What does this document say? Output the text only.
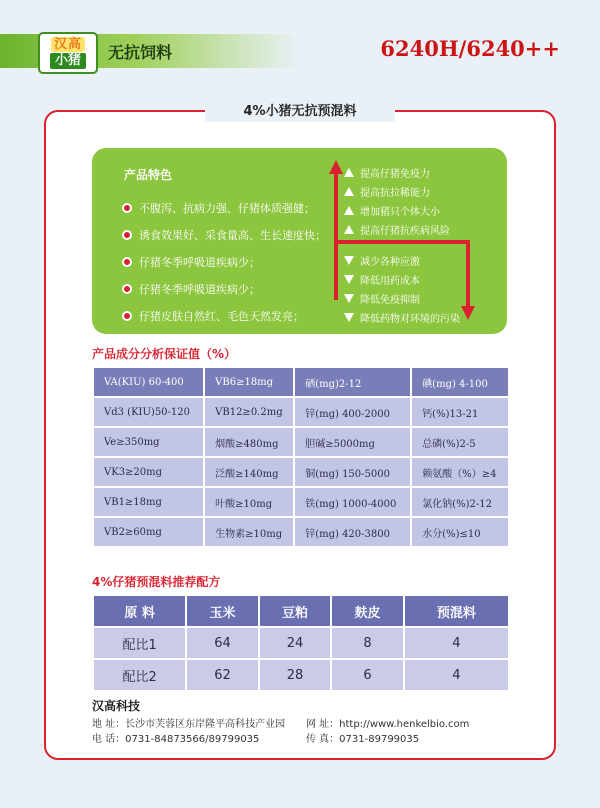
汉高
小猪	无抗饲料	6240H/6240++
4%小猪无抗预混料
产品特色
不腹泻、抗病力强、仔猪体质强健；
诱食效果好、采食量高、生长速度快；
仔猪冬季呼吸道疾病少；
仔猪冬季呼吸道疾病少；
仔猪皮肤自然红、毛色天然发亮；
提高仔猪免疫力
提高抗拉稀能力
增加猪只个体大小
提高仔猪抗疾病风险
减少各种应激
降低用药成本
降低免疫抑制
降低药物对环境的污染
产品成分分析保证值（%）
VA(KIU) 60-400	VB6≥18mg	硒(mg)2-12	碘(mg) 4-100
Vd3 (KIU)50-120	VB12≥0.2mg	锌(mg) 400-2000	钙(%)13-21
Ve≥350mg	烟酸≥480mg	胆碱≥5000mg	总磷(%)2-5
VK3≥20mg	泛酸≥140mg	铜(mg) 150-5000	赖氨酸（%）≥4
VB1≥18mg	叶酸≥10mg	铁(mg) 1000-4000	氯化钠(%)2-12
VB2≥60mg	生物素≥10mg	锌(mg) 420-3800	水分(%)≤10
4%仔猪预混料推荐配方
原 料	玉米	豆粕	麸皮	预混料
配比1	64	24	8	4
配比2	62	28	6	4
汉高科技
地 址：长沙市芙蓉区东岸隆平高科技产业园
电 话：0731-84873566/89799035
网 址：http://www.henkelbio.com
传 真：0731-89799035
